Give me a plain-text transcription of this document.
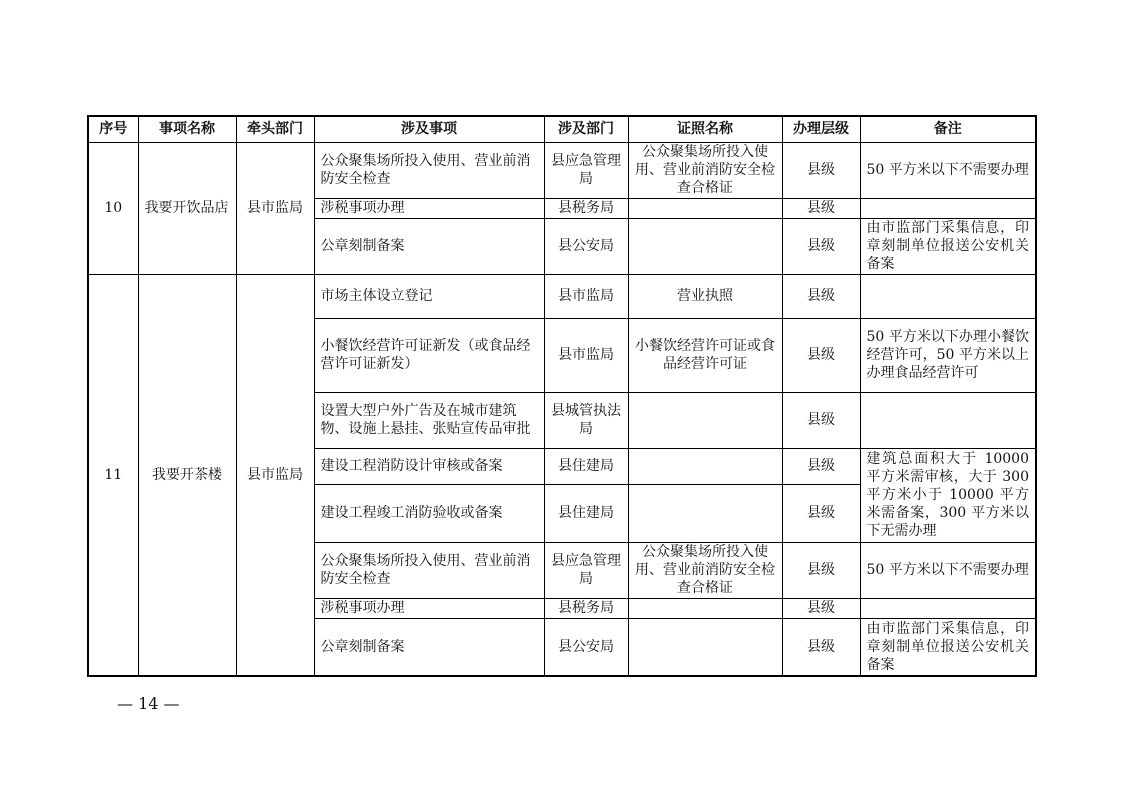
序号	事项名称	牵头部门	涉及事项	涉及部门	证照名称	办理层级	备注
10	我要开饮品店	县市监局	公众聚集场所投入使用、营业前消防安全检查	县应急管理局	公众聚集场所投入使用、营业前消防安全检查合格证	县级	50 平方米以下不需要办理
			涉税事项办理	县税务局		县级	
			公章刻制备案	县公安局		县级	由市监部门采集信息，印章刻制单位报送公安机关备案
11	我要开茶楼	县市监局	市场主体设立登记	县市监局	营业执照	县级	
			小餐饮经营许可证新发（或食品经营许可证新发）	县市监局	小餐饮经营许可证或食品经营许可证	县级	50 平方米以下办理小餐饮经营许可，50 平方米以上办理食品经营许可
			设置大型户外广告及在城市建筑物、设施上悬挂、张贴宣传品审批	县城管执法局		县级	
			建设工程消防设计审核或备案	县住建局		县级	建筑总面积大于 10000 平方米需审核，大于 300 平方米小于 10000 平方米需备案，300 平方米以下无需办理
			建设工程竣工消防验收或备案	县住建局		县级	
			公众聚集场所投入使用、营业前消防安全检查	县应急管理局	公众聚集场所投入使用、营业前消防安全检查合格证	县级	50 平方米以下不需要办理
			涉税事项办理	县税务局		县级	
			公章刻制备案	县公安局		县级	由市监部门采集信息，印章刻制单位报送公安机关备案
— 14 —
